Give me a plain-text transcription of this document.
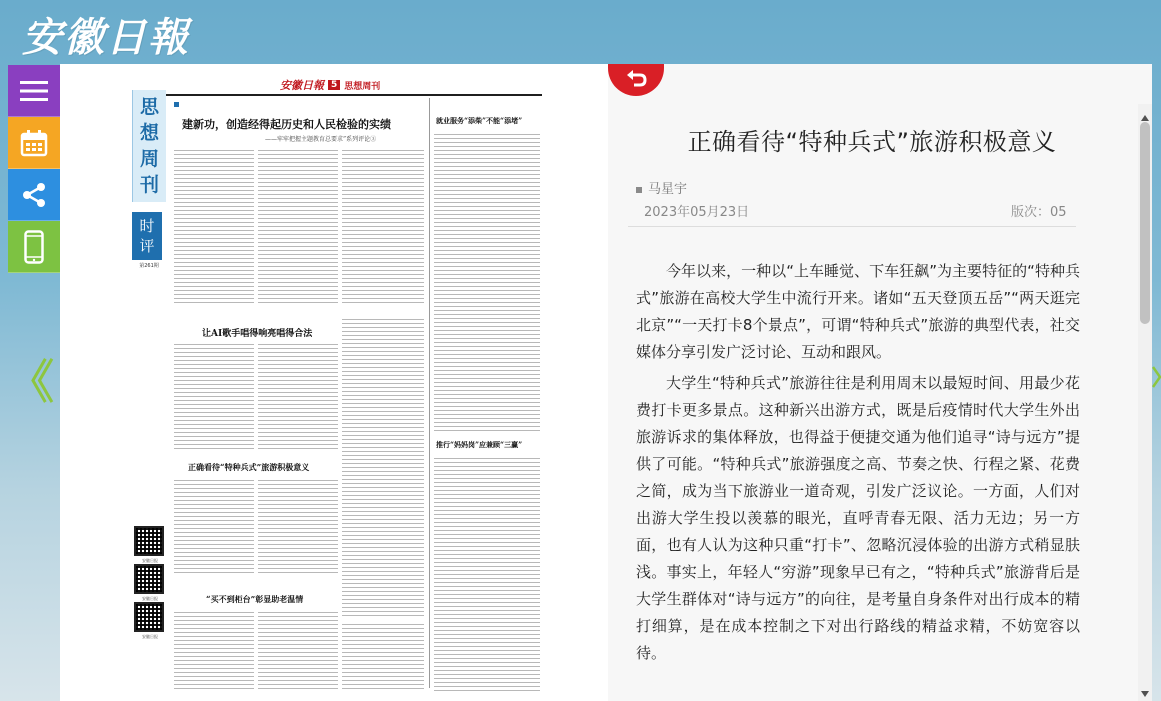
安徽日報
《
安徽日報 5 思想周刊
思想周刊
时评
第261期
安徽日报
安徽日报
安徽日报
建新功，创造经得起历史和人民检验的实绩
——牢牢把握主题教育总要求”系列评论③
让AI歌手唱得响亮唱得合法
正确看待“特种兵式”旅游积极意义
“买不到柜台”彰显助老温情
就业服务“添柴”不能“添堵”
推行“妈妈岗”应兼顾“三赢”
正确看待“特种兵式”旅游积极意义
马星宇
2023年05月23日	版次：05

今年以来，一种以“上车睡觉、下车狂飙”为主要特征的“特种兵式”旅游在高校大学生中流行开来。诸如“五天登顶五岳”“两天逛完北京”“一天打卡8个景点”，可谓“特种兵式”旅游的典型代表，社交媒体分享引发广泛讨论、互动和跟风。

大学生“特种兵式”旅游往往是利用周末以最短时间、用最少花费打卡更多景点。这种新兴出游方式，既是后疫情时代大学生外出旅游诉求的集体释放，也得益于便捷交通为他们追寻“诗与远方”提供了可能。“特种兵式”旅游强度之高、节奏之快、行程之紧、花费之简，成为当下旅游业一道奇观，引发广泛议论。一方面，人们对出游大学生投以羡慕的眼光，直呼青春无限、活力无边；另一方面，也有人认为这种只重“打卡”、忽略沉浸体验的出游方式稍显肤浅。事实上，年轻人“穷游”现象早已有之，“特种兵式”旅游背后是大学生群体对“诗与远方”的向往，是考量自身条件对出行成本的精打细算，是在成本控制之下对出行路线的精益求精，不妨宽容以待。
